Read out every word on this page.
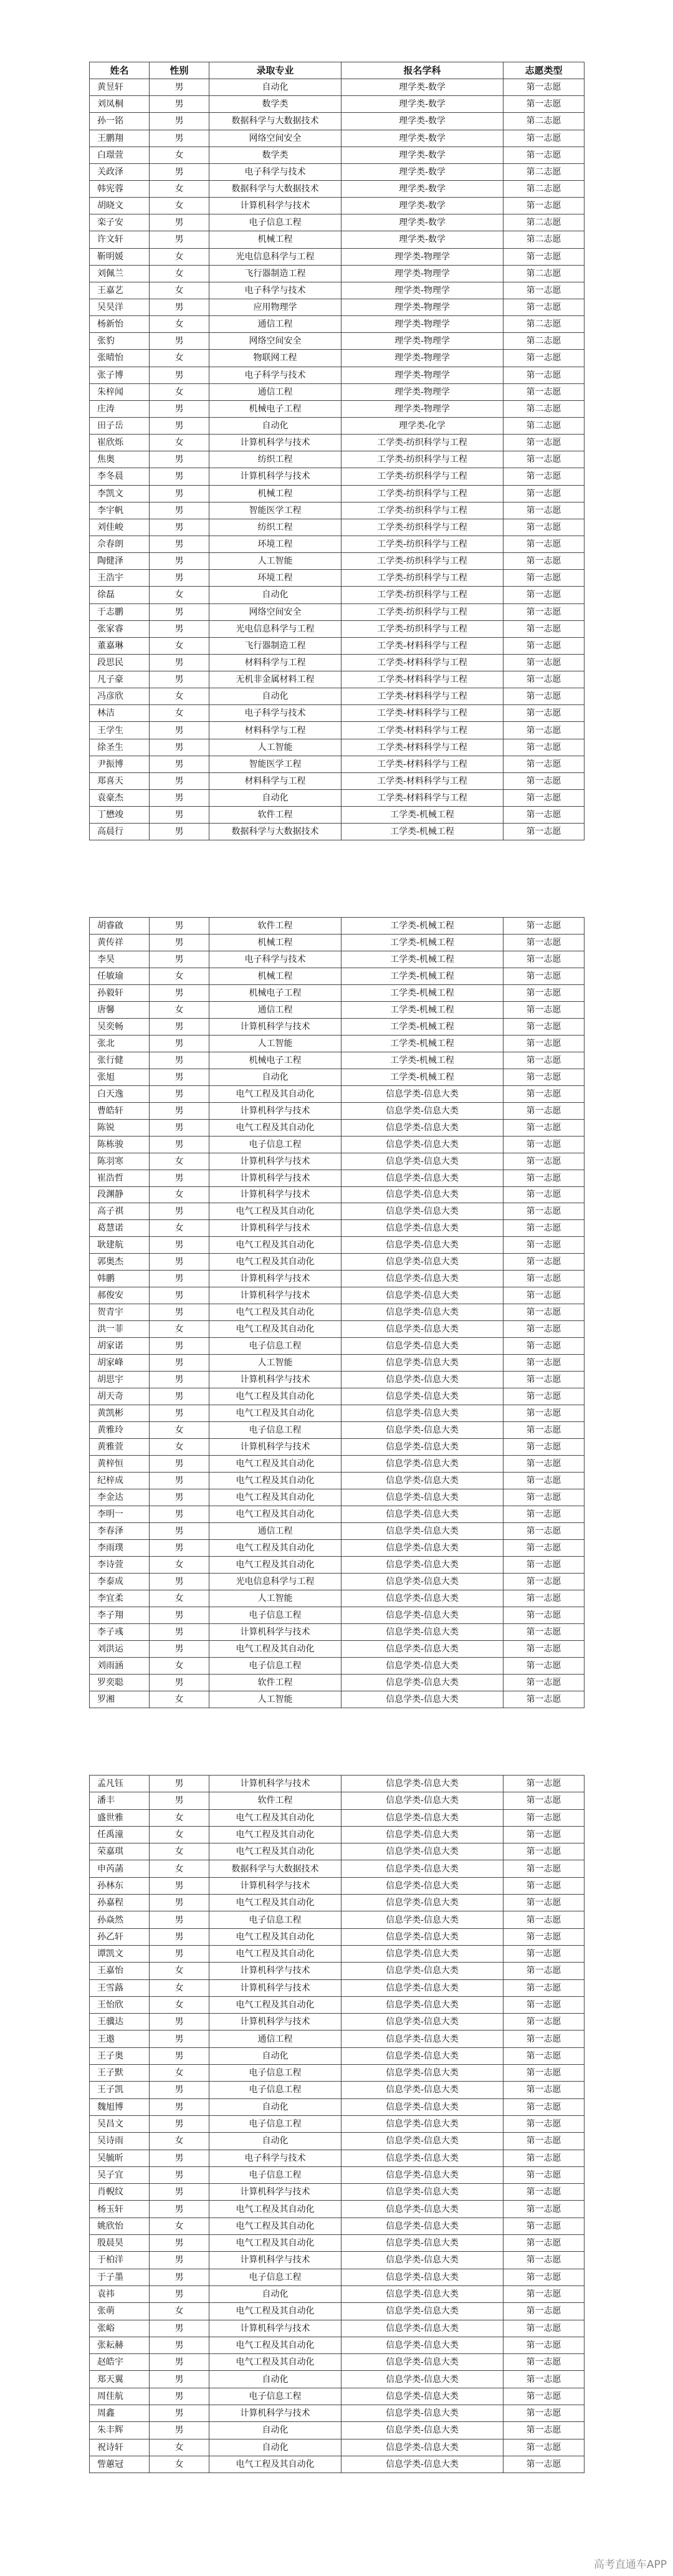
姓名	性别	录取专业	报名学科	志愿类型
黄昱轩	男	自动化	理学类-数学	第一志愿
刘凤桐	男	数学类	理学类-数学	第一志愿
孙一铭	男	数据科学与大数据技术	理学类-数学	第二志愿
王鹏翔	男	网络空间安全	理学类-数学	第一志愿
白璟萱	女	数学类	理学类-数学	第一志愿
关政泽	男	电子科学与技术	理学类-数学	第二志愿
韩宪蓉	女	数据科学与大数据技术	理学类-数学	第二志愿
胡晓文	女	计算机科学与技术	理学类-数学	第一志愿
栾子安	男	电子信息工程	理学类-数学	第二志愿
许文轩	男	机械工程	理学类-数学	第二志愿
靳明媛	女	光电信息科学与工程	理学类-物理学	第一志愿
刘佩兰	女	飞行器制造工程	理学类-物理学	第二志愿
王嘉艺	女	电子科学与技术	理学类-物理学	第一志愿
吴昊洋	男	应用物理学	理学类-物理学	第一志愿
杨新怡	女	通信工程	理学类-物理学	第二志愿
张豹	男	网络空间安全	理学类-物理学	第二志愿
张晴怡	女	物联网工程	理学类-物理学	第一志愿
张子博	男	电子科学与技术	理学类-物理学	第一志愿
朱梓闻	女	通信工程	理学类-物理学	第一志愿
庄涛	男	机械电子工程	理学类-物理学	第二志愿
田子岳	男	自动化	理学类-化学	第二志愿
崔欣烁	女	计算机科学与技术	工学类-纺织科学与工程	第一志愿
焦奥	男	纺织工程	工学类-纺织科学与工程	第一志愿
李冬晨	男	计算机科学与技术	工学类-纺织科学与工程	第一志愿
李凯文	男	机械工程	工学类-纺织科学与工程	第一志愿
李宇帆	男	智能医学工程	工学类-纺织科学与工程	第一志愿
刘佳峻	男	纺织工程	工学类-纺织科学与工程	第一志愿
佘春朗	男	环境工程	工学类-纺织科学与工程	第一志愿
陶健泽	男	人工智能	工学类-纺织科学与工程	第一志愿
王浩宇	男	环境工程	工学类-纺织科学与工程	第一志愿
徐磊	女	自动化	工学类-纺织科学与工程	第一志愿
于志鹏	男	网络空间安全	工学类-纺织科学与工程	第一志愿
张家睿	男	光电信息科学与工程	工学类-纺织科学与工程	第一志愿
董嘉琳	女	飞行器制造工程	工学类-材料科学与工程	第一志愿
段思民	男	材料科学与工程	工学类-材料科学与工程	第一志愿
凡子豪	男	无机非金属材料工程	工学类-材料科学与工程	第一志愿
冯彦欣	女	自动化	工学类-材料科学与工程	第一志愿
林洁	女	电子科学与技术	工学类-材料科学与工程	第一志愿
王学生	男	材料科学与工程	工学类-材料科学与工程	第一志愿
徐圣生	男	人工智能	工学类-材料科学与工程	第一志愿
尹振博	男	智能医学工程	工学类-材料科学与工程	第一志愿
郑喜天	男	材料科学与工程	工学类-材料科学与工程	第一志愿
袁豪杰	男	自动化	工学类-材料科学与工程	第一志愿
丁懋竣	男	软件工程	工学类-机械工程	第一志愿
高晨行	男	数据科学与大数据技术	工学类-机械工程	第一志愿
胡睿啟	男	软件工程	工学类-机械工程	第一志愿
黄传祥	男	机械工程	工学类-机械工程	第一志愿
李昊	男	电子科学与技术	工学类-机械工程	第一志愿
任敏瑜	女	机械工程	工学类-机械工程	第一志愿
孙毅轩	男	机械电子工程	工学类-机械工程	第一志愿
唐馨	女	通信工程	工学类-机械工程	第一志愿
吴奕畅	男	计算机科学与技术	工学类-机械工程	第一志愿
张北	男	人工智能	工学类-机械工程	第一志愿
张行健	男	机械电子工程	工学类-机械工程	第一志愿
张旭	男	自动化	工学类-机械工程	第一志愿
白天逸	男	电气工程及其自动化	信息学类-信息大类	第一志愿
曹皓轩	男	计算机科学与技术	信息学类-信息大类	第一志愿
陈锐	男	电气工程及其自动化	信息学类-信息大类	第一志愿
陈栋骏	男	电子信息工程	信息学类-信息大类	第一志愿
陈羽寒	女	计算机科学与技术	信息学类-信息大类	第一志愿
崔浩哲	男	计算机科学与技术	信息学类-信息大类	第一志愿
段渊静	女	计算机科学与技术	信息学类-信息大类	第一志愿
高子祺	男	电气工程及其自动化	信息学类-信息大类	第一志愿
葛慧诺	女	计算机科学与技术	信息学类-信息大类	第一志愿
耿建航	男	电气工程及其自动化	信息学类-信息大类	第一志愿
郭奥杰	男	电气工程及其自动化	信息学类-信息大类	第一志愿
韩鹏	男	计算机科学与技术	信息学类-信息大类	第一志愿
郝俊安	男	计算机科学与技术	信息学类-信息大类	第一志愿
贺青宇	男	电气工程及其自动化	信息学类-信息大类	第一志愿
洪一菲	女	电气工程及其自动化	信息学类-信息大类	第一志愿
胡家诺	男	电子信息工程	信息学类-信息大类	第一志愿
胡家峰	男	人工智能	信息学类-信息大类	第一志愿
胡思宇	男	计算机科学与技术	信息学类-信息大类	第一志愿
胡天奇	男	电气工程及其自动化	信息学类-信息大类	第一志愿
黄凯彬	男	电气工程及其自动化	信息学类-信息大类	第一志愿
黄雅玲	女	电子信息工程	信息学类-信息大类	第一志愿
黄雅萱	女	计算机科学与技术	信息学类-信息大类	第一志愿
黄梓恒	男	电气工程及其自动化	信息学类-信息大类	第一志愿
纪梓成	男	电气工程及其自动化	信息学类-信息大类	第一志愿
李金达	男	电气工程及其自动化	信息学类-信息大类	第一志愿
李明一	男	电气工程及其自动化	信息学类-信息大类	第一志愿
李春泽	男	通信工程	信息学类-信息大类	第一志愿
李雨璞	男	电气工程及其自动化	信息学类-信息大类	第一志愿
李诗萱	女	电气工程及其自动化	信息学类-信息大类	第一志愿
李泰成	男	光电信息科学与工程	信息学类-信息大类	第一志愿
李宜柔	女	人工智能	信息学类-信息大类	第一志愿
李子翔	男	电子信息工程	信息学类-信息大类	第一志愿
李子彧	男	计算机科学与技术	信息学类-信息大类	第一志愿
刘洪运	男	电气工程及其自动化	信息学类-信息大类	第一志愿
刘雨涵	女	电子信息工程	信息学类-信息大类	第一志愿
罗奕聪	男	软件工程	信息学类-信息大类	第一志愿
罗湘	女	人工智能	信息学类-信息大类	第一志愿
孟凡钰	男	计算机科学与技术	信息学类-信息大类	第一志愿
潘丰	男	软件工程	信息学类-信息大类	第一志愿
盛世雅	女	电气工程及其自动化	信息学类-信息大类	第一志愿
任禹潼	女	电气工程及其自动化	信息学类-信息大类	第一志愿
荣嘉琪	女	电气工程及其自动化	信息学类-信息大类	第一志愿
申芮菡	女	数据科学与大数据技术	信息学类-信息大类	第一志愿
孙林东	男	计算机科学与技术	信息学类-信息大类	第一志愿
孙嘉程	男	电气工程及其自动化	信息学类-信息大类	第一志愿
孙焱然	男	电子信息工程	信息学类-信息大类	第一志愿
孙乙轩	男	电气工程及其自动化	信息学类-信息大类	第一志愿
谭凯文	男	电气工程及其自动化	信息学类-信息大类	第一志愿
王嘉怡	女	计算机科学与技术	信息学类-信息大类	第一志愿
王雪蕗	女	计算机科学与技术	信息学类-信息大类	第一志愿
王怡欣	女	电气工程及其自动化	信息学类-信息大类	第一志愿
王骥达	男	计算机科学与技术	信息学类-信息大类	第一志愿
王遨	男	通信工程	信息学类-信息大类	第一志愿
王子奥	男	自动化	信息学类-信息大类	第一志愿
王子默	女	电子信息工程	信息学类-信息大类	第一志愿
王子凯	男	电子信息工程	信息学类-信息大类	第一志愿
魏旭博	男	自动化	信息学类-信息大类	第一志愿
吴昌文	男	电子信息工程	信息学类-信息大类	第一志愿
吴诗雨	女	自动化	信息学类-信息大类	第一志愿
吴毓昕	男	电子科学与技术	信息学类-信息大类	第一志愿
吴子宜	男	电子信息工程	信息学类-信息大类	第一志愿
肖輗纹	男	计算机科学与技术	信息学类-信息大类	第一志愿
杨玉轩	男	电气工程及其自动化	信息学类-信息大类	第一志愿
姚欣怡	女	电气工程及其自动化	信息学类-信息大类	第一志愿
殷晨昊	男	电气工程及其自动化	信息学类-信息大类	第一志愿
于柏洋	男	计算机科学与技术	信息学类-信息大类	第一志愿
于子墨	男	电子信息工程	信息学类-信息大类	第一志愿
袁祎	男	自动化	信息学类-信息大类	第一志愿
张萌	女	电气工程及其自动化	信息学类-信息大类	第一志愿
张峪	男	计算机科学与技术	信息学类-信息大类	第一志愿
张耘赫	男	电气工程及其自动化	信息学类-信息大类	第一志愿
赵皓宇	男	电气工程及其自动化	信息学类-信息大类	第一志愿
郑天翼	男	自动化	信息学类-信息大类	第一志愿
周佳航	男	电子信息工程	信息学类-信息大类	第一志愿
周鑫	男	计算机科学与技术	信息学类-信息大类	第一志愿
朱丰辉	男	自动化	信息学类-信息大类	第一志愿
祝诗轩	女	自动化	信息学类-信息大类	第一志愿
訾蕙冠	女	电气工程及其自动化	信息学类-信息大类	第一志愿
高考直通车APP
